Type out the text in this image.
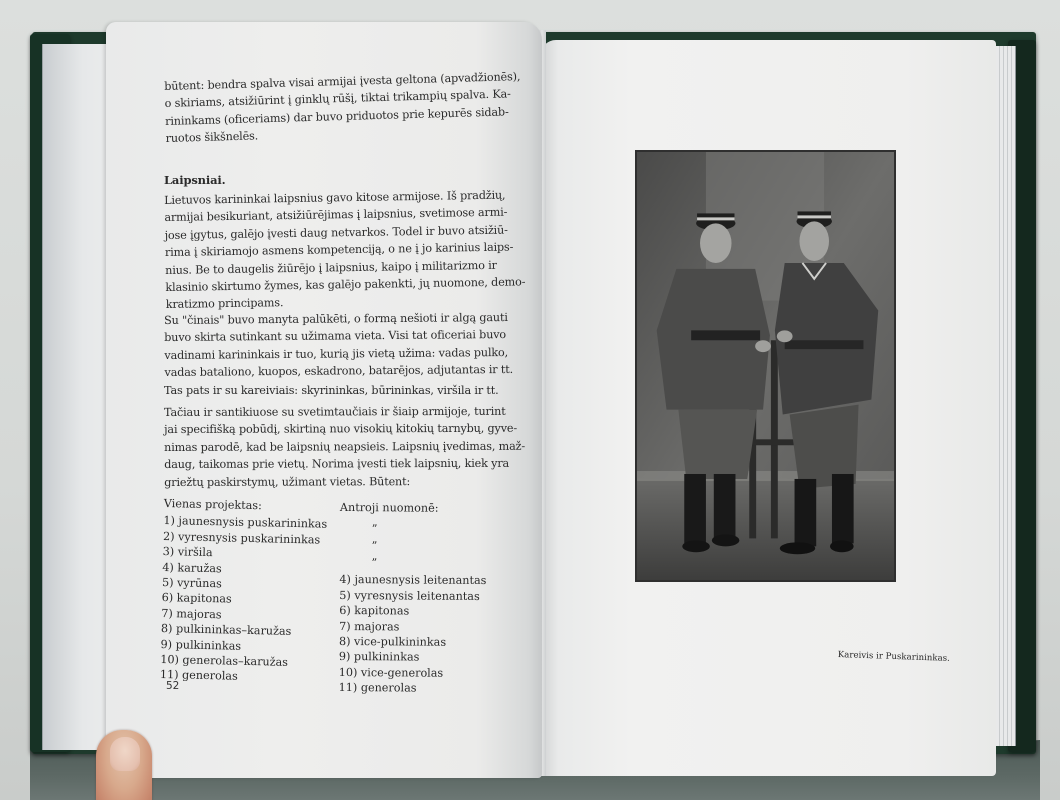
būtent: bendra spalva visai armijai įvesta geltona (apvadžionēs),
o skiriams, atsižiūrint į ginklų rūšį, tiktai trikampių spalva. Ka-
rininkams (oficeriams) dar buvo priduotos prie kepurēs sidab-
ruotos šikšnelēs.
Laipsniai.
Lietuvos karininkai laipsnius gavo kitose armijose. Iš pradžių,
armijai besikuriant, atsižiūrējimas į laipsnius, svetimose armi-
jose įgytus, galējo įvesti daug netvarkos. Todel ir buvo atsižiū-
rima į skiriamojo asmens kompetenciją, o ne į jo karinius laips-
nius. Be to daugelis žiūrējo į laipsnius, kaipo į militarizmo ir
klasinio skirtumo žymes, kas galējo pakenkti, jų nuomone, demo-
kratizmo principams.
Su "činais" buvo manyta palūkēti, o formą nešioti ir algą gauti
buvo skirta sutinkant su užimama vieta. Visi tat oficeriai buvo
vadinami karininkais ir tuo, kurią jis vietą užima: vadas pulko,
vadas bataliono, kuopos, eskadrono, batarējos, adjutantas ir tt.
Tas pats ir su kareiviais: skyrininkas, būrininkas, viršila ir tt.
Tačiau ir santikiuose su svetimtaučiais ir šiaip armijoje, turint
jai specifišką pobūdį, skirtiną nuo visokių kitokių tarnybų, gyve-
nimas parodē, kad be laipsnių neapsieis. Laipsnių įvedimas, maž-
daug, taikomas prie vietų. Norima įvesti tiek laipsnių, kiek yra
griežtų paskirstymų, užimant vietas. Būtent:
Vienas projektas:
1) jaunesnysis puskarininkas
2) vyresnysis puskarininkas
3) viršila
4) karužas
5) vyrūnas
6) kapitonas
7) majoras
8) pulkininkas–karužas
9) pulkininkas
10) generolas–karužas
11) generolas
Antroji nuomonē:
”
”
”
4) jaunesnysis leitenantas
5) vyresnysis leitenantas
6) kapitonas
7) majoras
8) vice-pulkininkas
9) pulkininkas
10) vice-generolas
11) generolas
52
Kareivis ir Puskarininkas.
